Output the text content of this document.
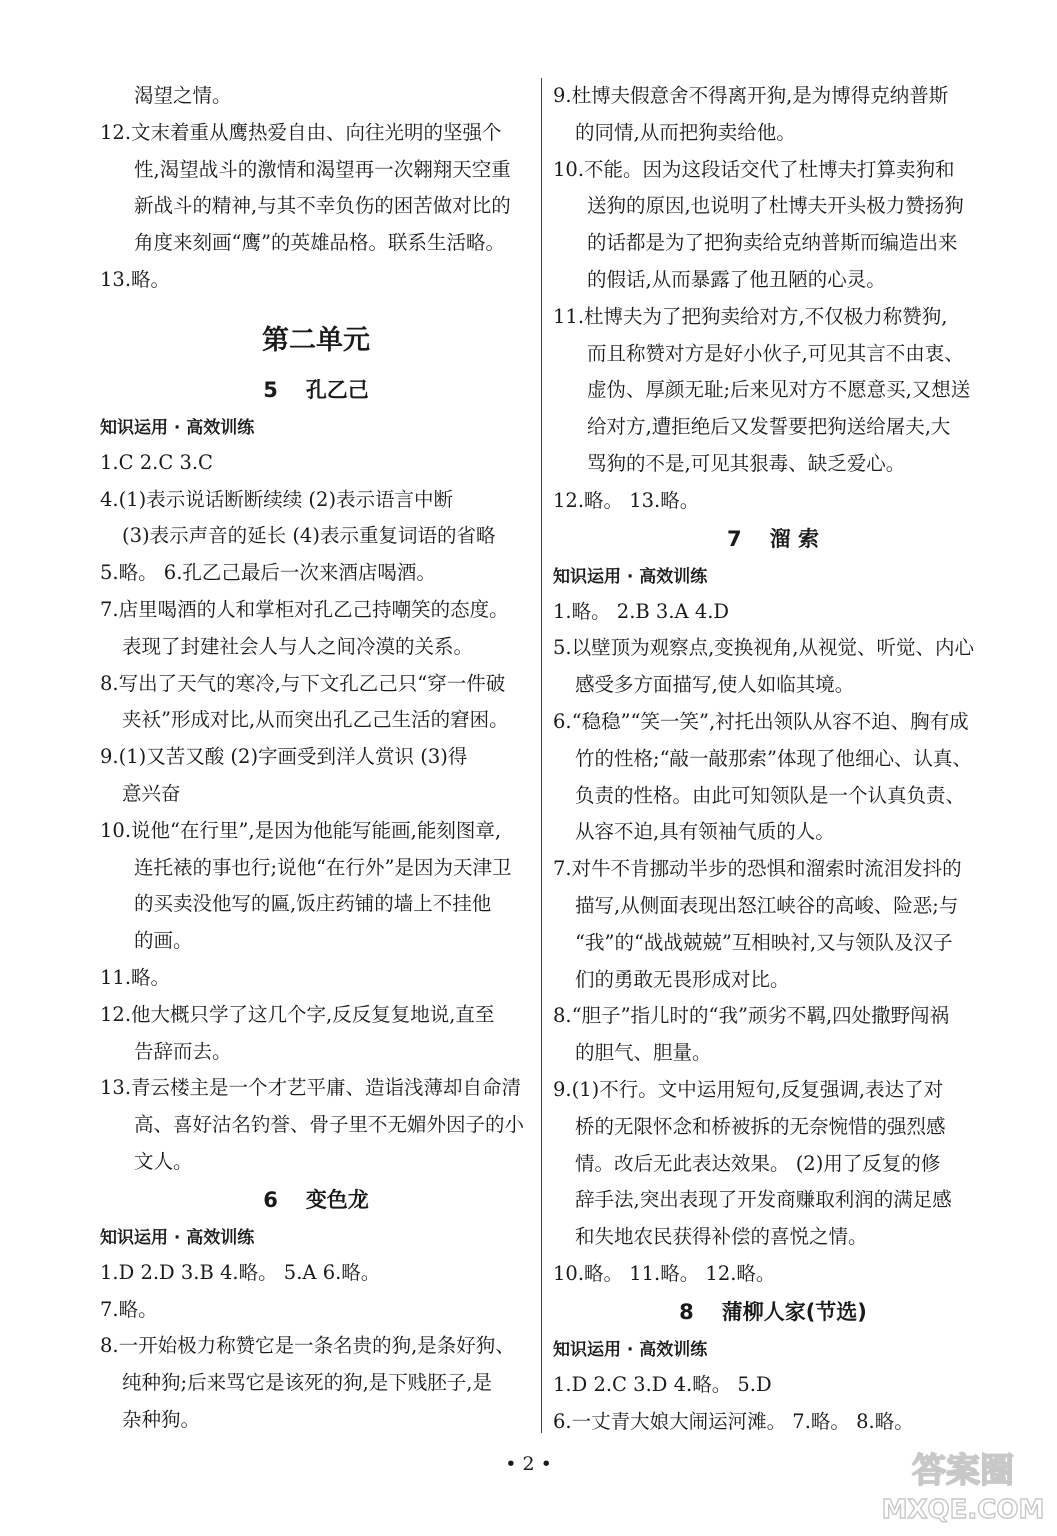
渴望之情。
12.文末着重从鹰热爱自由、向往光明的坚强个
性,渴望战斗的激情和渴望再一次翱翔天空重
新战斗的精神,与其不幸负伤的困苦做对比的
角度来刻画“鹰”的英雄品格。联系生活略。
13.略。
第二单元
5 孔乙己
知识运用 · 高效训练
1.C 2.C 3.C
4.(1)表示说话断断续续 (2)表示语言中断
(3)表示声音的延长 (4)表示重复词语的省略
5.略。 6.孔乙己最后一次来酒店喝酒。
7.店里喝酒的人和掌柜对孔乙己持嘲笑的态度。
表现了封建社会人与人之间冷漠的关系。
8.写出了天气的寒冷,与下文孔乙己只“穿一件破
夹袄”形成对比,从而突出孔乙己生活的窘困。
9.(1)又苦又酸 (2)字画受到洋人赏识 (3)得
意兴奋
10.说他“在行里”,是因为他能写能画,能刻图章,
连托裱的事也行;说他“在行外”是因为天津卫
的买卖没他写的匾,饭庄药铺的墙上不挂他
的画。
11.略。
12.他大概只学了这几个字,反反复复地说,直至
告辞而去。
13.青云楼主是一个才艺平庸、造诣浅薄却自命清
高、喜好沽名钓誉、骨子里不无媚外因子的小
文人。
6 变色龙
知识运用 · 高效训练
1.D 2.D 3.B 4.略。 5.A 6.略。
7.略。
8.一开始极力称赞它是一条名贵的狗,是条好狗、
纯种狗;后来骂它是该死的狗,是下贱胚子,是
杂种狗。
9.杜博夫假意舍不得离开狗,是为博得克纳普斯
的同情,从而把狗卖给他。
10.不能。因为这段话交代了杜博夫打算卖狗和
送狗的原因,也说明了杜博夫开头极力赞扬狗
的话都是为了把狗卖给克纳普斯而编造出来
的假话,从而暴露了他丑陋的心灵。
11.杜博夫为了把狗卖给对方,不仅极力称赞狗,
而且称赞对方是好小伙子,可见其言不由衷、
虚伪、厚颜无耻;后来见对方不愿意买,又想送
给对方,遭拒绝后又发誓要把狗送给屠夫,大
骂狗的不是,可见其狠毒、缺乏爱心。
12.略。 13.略。
7 溜 索
知识运用 · 高效训练
1.略。 2.B 3.A 4.D
5.以壁顶为观察点,变换视角,从视觉、听觉、内心
感受多方面描写,使人如临其境。
6.“稳稳”“笑一笑”,衬托出领队从容不迫、胸有成
竹的性格;“敲一敲那索”体现了他细心、认真、
负责的性格。由此可知领队是一个认真负责、
从容不迫,具有领袖气质的人。
7.对牛不肯挪动半步的恐惧和溜索时流泪发抖的
描写,从侧面表现出怒江峡谷的高峻、险恶;与
“我”的“战战兢兢”互相映衬,又与领队及汉子
们的勇敢无畏形成对比。
8.“胆子”指儿时的“我”顽劣不羁,四处撒野闯祸
的胆气、胆量。
9.(1)不行。文中运用短句,反复强调,表达了对
桥的无限怀念和桥被拆的无奈惋惜的强烈感
情。改后无此表达效果。 (2)用了反复的修
辞手法,突出表现了开发商赚取利润的满足感
和失地农民获得补偿的喜悦之情。
10.略。 11.略。 12.略。
8 蒲柳人家(节选)
知识运用 · 高效训练
1.D 2.C 3.D 4.略。 5.D
6.一丈青大娘大闹运河滩。 7.略。 8.略。
• 2 •	答案圈
MXQE.COM
